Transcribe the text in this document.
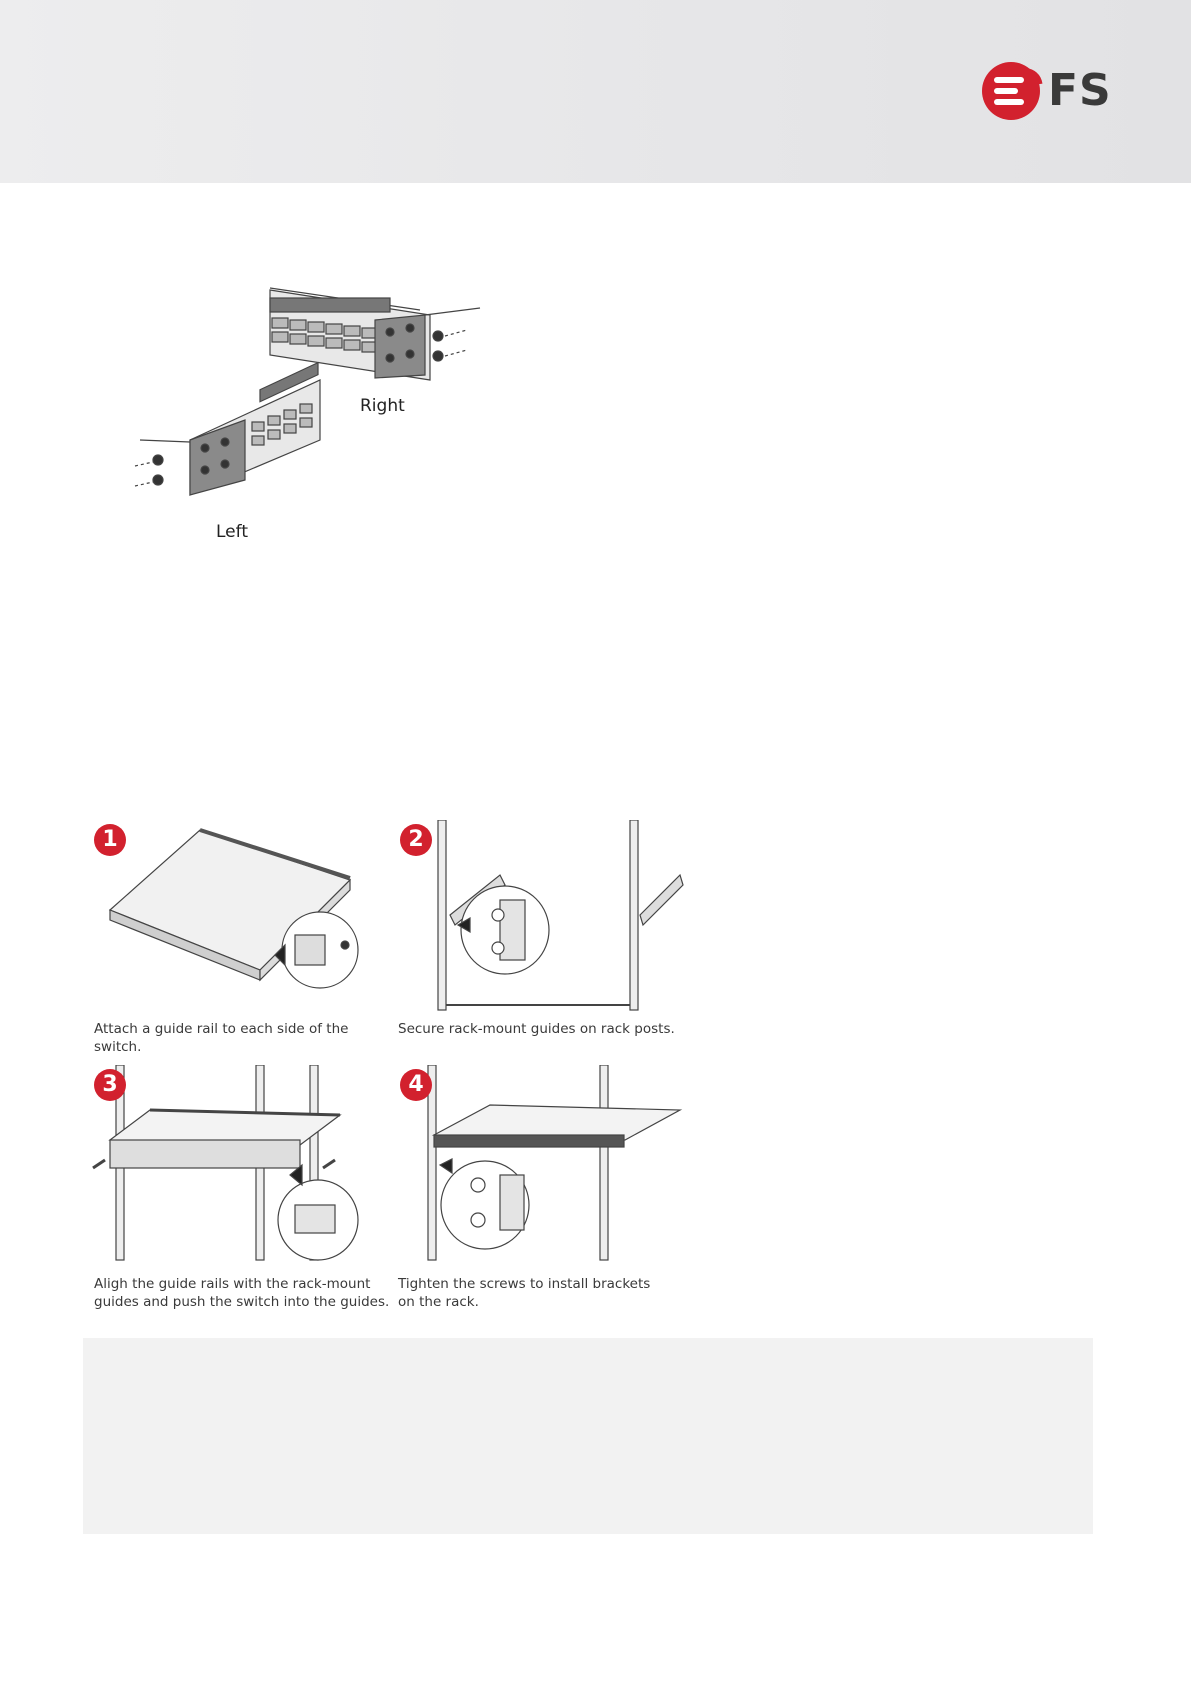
FS
Right
Left
1
Attach a guide rail to each side of the switch.
2
Secure rack-mount guides on rack posts.
3
Aligh the guide rails with the rack-mount
guides and push the switch into the guides.
4
Tighten the screws to install brackets
on the rack.
